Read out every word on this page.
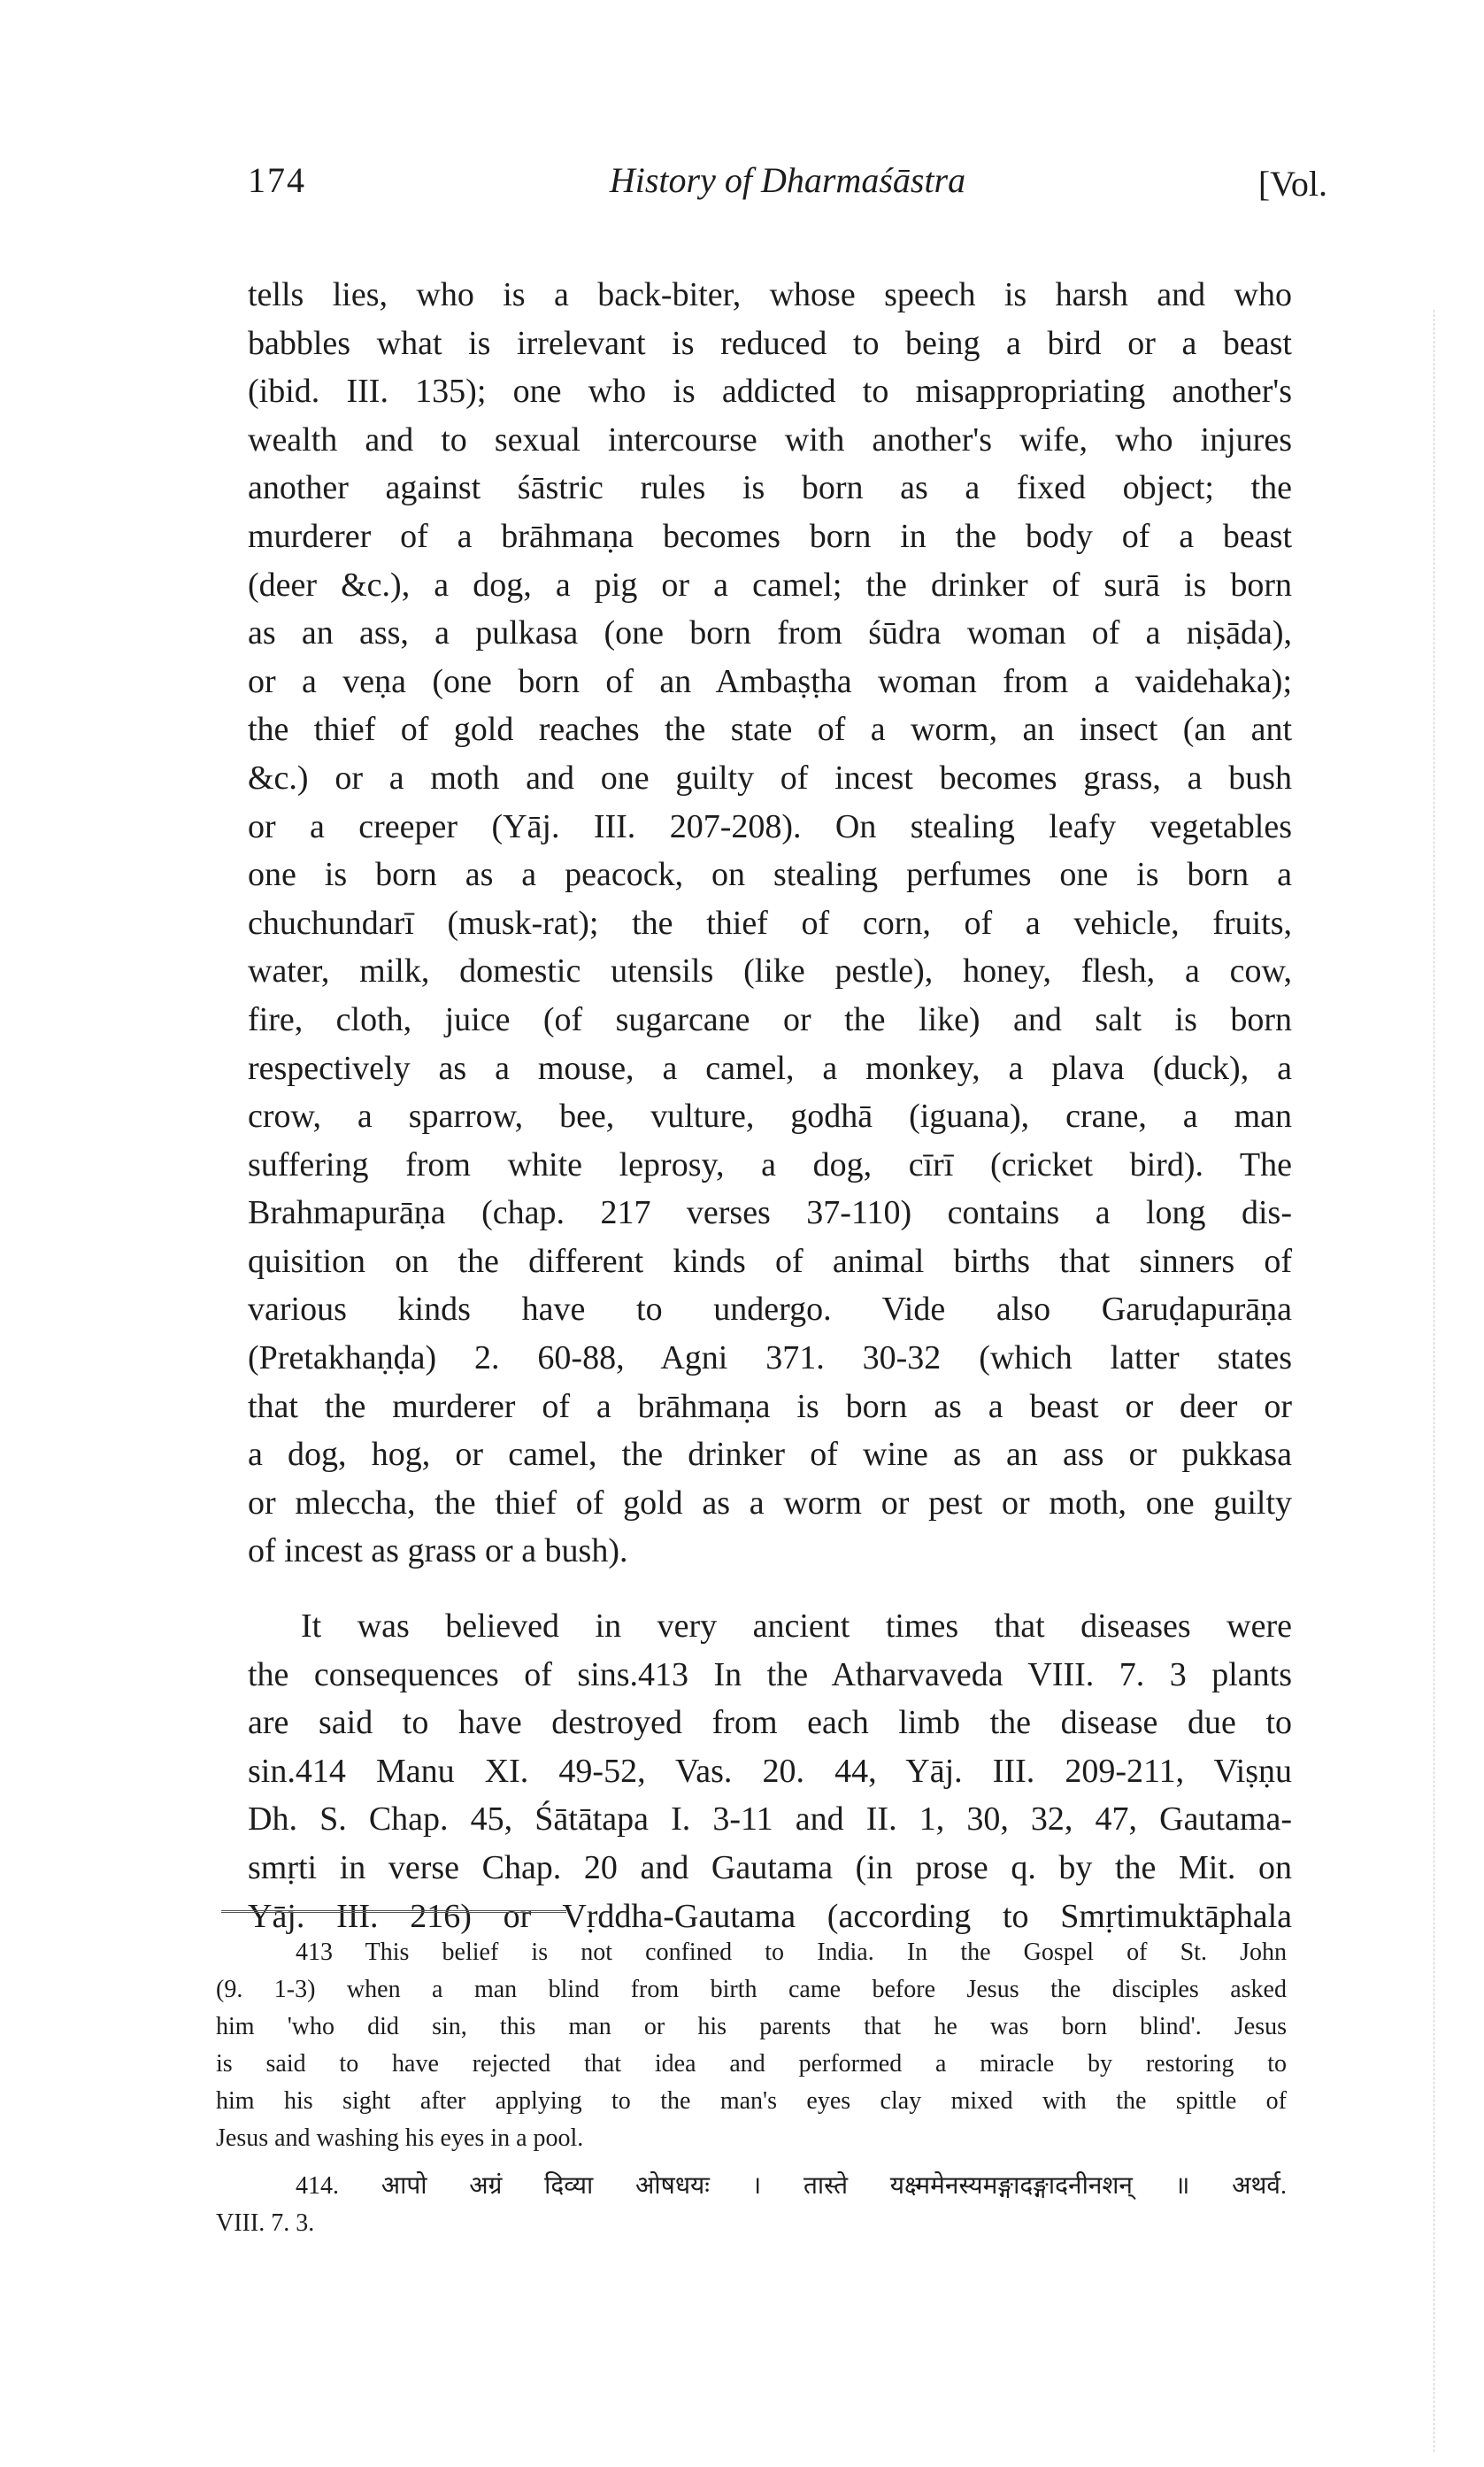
174	History of Dharmaśāstra	[Vol.

tells lies, who is a back-biter, whose speech is harsh and who
babbles what is irrelevant is reduced to being a bird or a beast
(ibid. III. 135); one who is addicted to misappropriating another's
wealth and to sexual intercourse with another's wife, who injures
another against śāstric rules is born as a fixed object; the
murderer of a brāhmaṇa becomes born in the body of a beast
(deer &c.), a dog, a pig or a camel; the drinker of surā is born
as an ass, a pulkasa (one born from śūdra woman of a niṣāda),
or a veṇa (one born of an Ambaṣṭha woman from a vaidehaka);
the thief of gold reaches the state of a worm, an insect (an ant
&c.) or a moth and one guilty of incest becomes grass, a bush
or a creeper (Yāj. III. 207-208). On stealing leafy vegetables
one is born as a peacock, on stealing perfumes one is born a
chuchundarī (musk-rat); the thief of corn, of a vehicle, fruits,
water, milk, domestic utensils (like pestle), honey, flesh, a cow,
fire, cloth, juice (of sugarcane or the like) and salt is born
respectively as a mouse, a camel, a monkey, a plava (duck), a
crow, a sparrow, bee, vulture, godhā (iguana), crane, a man
suffering from white leprosy, a dog, cīrī (cricket bird). The
Brahmapurāṇa (chap. 217 verses 37-110) contains a long dis-
quisition on the different kinds of animal births that sinners of
various kinds have to undergo. Vide also Garuḍapurāṇa
(Pretakhaṇḍa) 2. 60-88, Agni 371. 30-32 (which latter states
that the murderer of a brāhmaṇa is born as a beast or deer or
a dog, hog, or camel, the drinker of wine as an ass or pukkasa
or mleccha, the thief of gold as a worm or pest or moth, one guilty
of incest as grass or a bush).

It was believed in very ancient times that diseases were
the consequences of sins.413 In the Atharvaveda VIII. 7. 3 plants
are said to have destroyed from each limb the disease due to
sin.414 Manu XI. 49-52, Vas. 20. 44, Yāj. III. 209-211, Viṣṇu
Dh. S. Chap. 45, Śātātapa I. 3-11 and II. 1, 30, 32, 47, Gautama-
smṛti in verse Chap. 20 and Gautama (in prose q. by the Mit. on
Yāj. III. 216) or Vṛddha-Gautama (according to Smṛtimuktāphala

413 This belief is not confined to India. In the Gospel of St. John
(9. 1-3) when a man blind from birth came before Jesus the disciples asked
him 'who did sin, this man or his parents that he was born blind'. Jesus
is said to have rejected that idea and performed a miracle by restoring to
him his sight after applying to the man's eyes clay mixed with the spittle of
Jesus and washing his eyes in a pool.

414. आपो अग्रं दिव्या ओषधयः । तास्ते यक्ष्ममेनस्यमङ्गादङ्गादनीनशन् ॥ अथर्व.
VIII. 7. 3.
